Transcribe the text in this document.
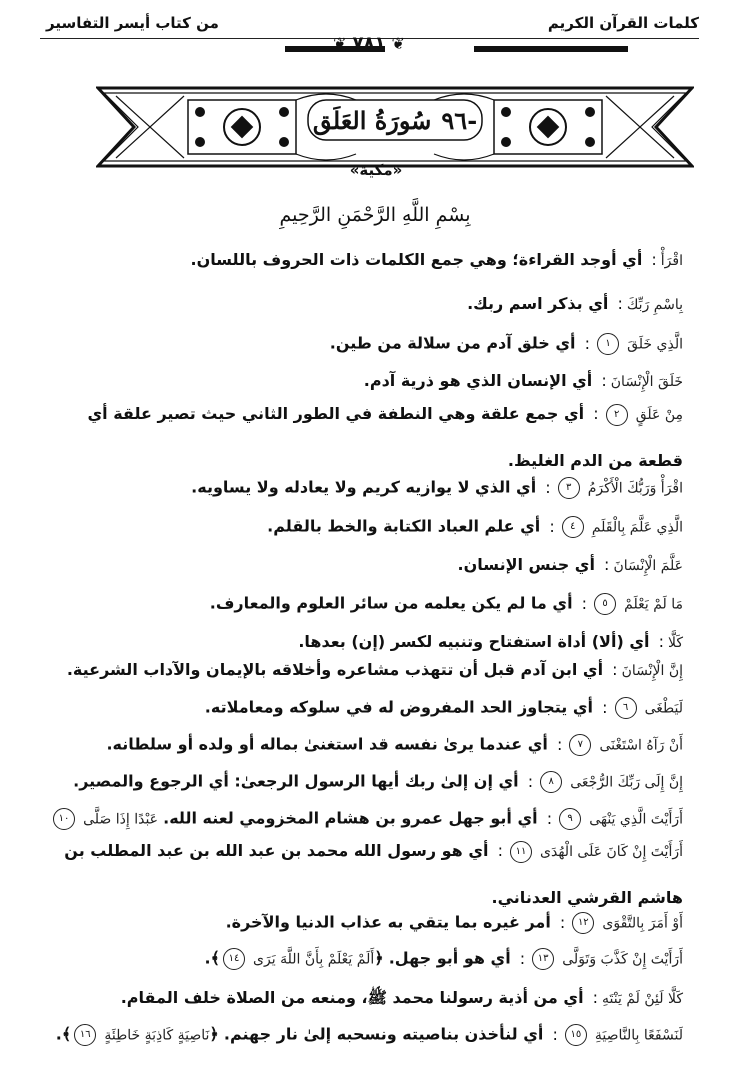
كلمات القرآن الكريم
من كتاب أيسر التفاسير
❦
٧٨١
❦
-٩٦
سُورَةُ العَلَق
«مكية»
بِسْمِ اللَّهِ الرَّحْمَنِ الرَّحِيمِ
اقْرَأْ: أي أوجد القراءة؛ وهي جمع الكلمات ذات الحروف باللسان.
بِاسْمِ رَبِّكَ: أي بذكر اسم ربك.
الَّذِي خَلَقَ ١: أي خلق آدم من سلالة من طين.
خَلَقَ الْإِنْسَانَ: أي الإنسان الذي هو ذرية آدم.
مِنْ عَلَقٍ ٢: أي جمع علقة وهي النطفة في الطور الثاني حيث تصير علقة أي قطعة من الدم الغليظ.
اقْرَأْ وَرَبُّكَ الْأَكْرَمُ ٣: أي الذي لا يوازيه كريم ولا يعادله ولا يساويه.
الَّذِي عَلَّمَ بِالْقَلَمِ ٤: أي علم العباد الكتابة والخط بالقلم.
عَلَّمَ الْإِنْسَانَ: أي جنس الإنسان.
مَا لَمْ يَعْلَمْ ٥: أي ما لم يكن يعلمه من سائر العلوم والمعارف.
كَلَّا: أي (ألا) أداة استفتاح وتنبيه لكسر (إن) بعدها.
إِنَّ الْإِنْسَانَ: أي ابن آدم قبل أن تتهذب مشاعره وأخلاقه بالإيمان والآداب الشرعية.
لَيَطْغَى ٦: أي يتجاوز الحد المفروض له في سلوكه ومعاملاته.
أَنْ رَآهُ اسْتَغْنَى ٧: أي عندما يرىٰ نفسه قد استغنىٰ بماله أو ولده أو سلطانه.
إِنَّ إِلَى رَبِّكَ الرُّجْعَى ٨: أي إن إلىٰ ربك أيها الرسول الرجعىٰ: أي الرجوع والمصير.
أَرَأَيْتَ الَّذِي يَنْهَى ٩: أي أبو جهل عمرو بن هشام المخزومي لعنه الله. عَبْدًا إِذَا صَلَّى ١٠
أَرَأَيْتَ إِنْ كَانَ عَلَى الْهُدَى ١١: أي هو رسول الله محمد بن عبد الله بن عبد المطلب بن هاشم القرشي العدناني.
أَوْ أَمَرَ بِالتَّقْوَى ١٢: أمر غيره بما يتقي به عذاب الدنيا والآخرة.
أَرَأَيْتَ إِنْ كَذَّبَ وَتَوَلَّى ١٣: أي هو أبو جهل. ﴿أَلَمْ يَعْلَمْ بِأَنَّ اللَّهَ يَرَى ١٤﴾.
كَلَّا لَئِنْ لَمْ يَنْتَهِ: أي من أذية رسولنا محمد ﷺ، ومنعه من الصلاة خلف المقام.
لَنَسْفَعًا بِالنَّاصِيَةِ ١٥: أي لنأخذن بناصيته ونسحبه إلىٰ نار جهنم. ﴿نَاصِيَةٍ كَاذِبَةٍ خَاطِئَةٍ ١٦﴾.
